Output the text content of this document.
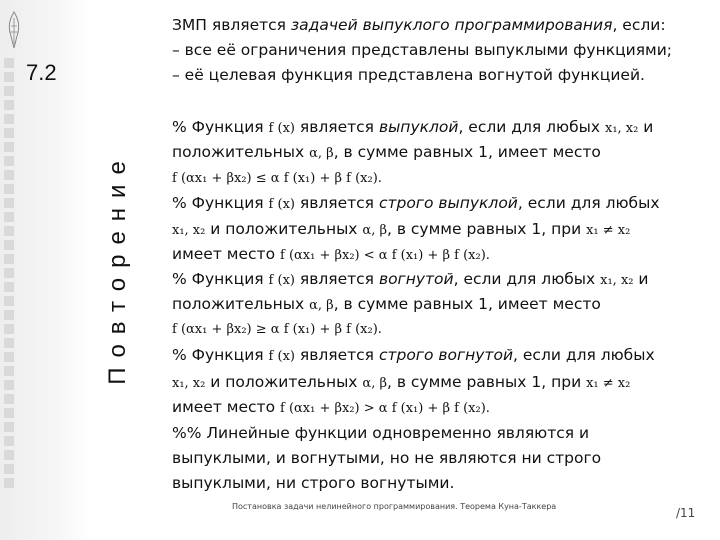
7.2
Повторение
ЗМП является задачей выпуклого программирования, если:
– все её ограничения представлены выпуклыми функциями;
– её целевая функция представлена вогнутой функцией.
% Функция f (x) является выпуклой, если для любых x₁, x₂ и
положительных α, β, в сумме равных 1, имеет место
f (αx₁ + βx₂) ≤ α f (x₁) + β f (x₂).
% Функция f (x) является строго выпуклой, если для любых
x₁, x₂ и положительных α, β, в сумме равных 1, при x₁ ≠ x₂
имеет место f (αx₁ + βx₂) < α f (x₁) + β f (x₂).
% Функция f (x) является вогнутой, если для любых x₁, x₂ и
положительных α, β, в сумме равных 1, имеет место
f (αx₁ + βx₂) ≥ α f (x₁) + β f (x₂).
% Функция f (x) является строго вогнутой, если для любых
x₁, x₂ и положительных α, β, в сумме равных 1, при x₁ ≠ x₂
имеет место f (αx₁ + βx₂) > α f (x₁) + β f (x₂).
%% Линейные функции одновременно являются и
выпуклыми, и вогнутыми, но не являются ни строго
выпуклыми, ни строго вогнутыми.
Постановка задачи нелинейного программирования. Теорема Куна-Таккера	/11
